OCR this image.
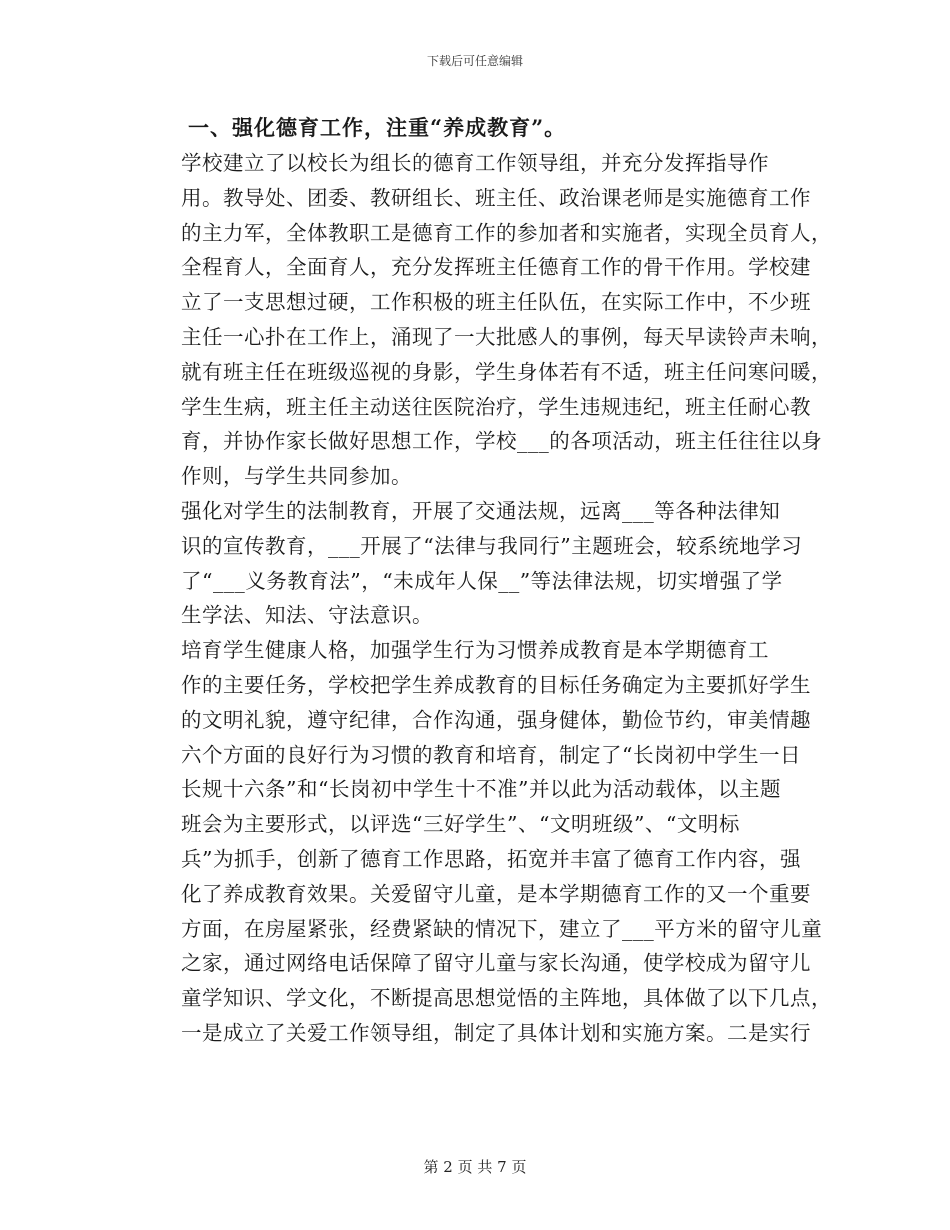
下载后可任意编辑
一、强化德育工作，注重“养成教育”。

学校建立了以校长为组长的德育工作领导组，并充分发挥指导作
用。教导处、团委、教研组长、班主任、政治课老师是实施德育工作
的主力军，全体教职工是德育工作的参加者和实施者，实现全员育人，
全程育人，全面育人，充分发挥班主任德育工作的骨干作用。学校建
立了一支思想过硬，工作积极的班主任队伍，在实际工作中，不少班
主任一心扑在工作上，涌现了一大批感人的事例，每天早读铃声未响，
就有班主任在班级巡视的身影，学生身体若有不适，班主任问寒问暖，
学生生病，班主任主动送往医院治疗，学生违规违纪，班主任耐心教
育，并协作家长做好思想工作，学校___的各项活动，班主任往往以身
作则，与学生共同参加。

强化对学生的法制教育，开展了交通法规，远离___等各种法律知
识的宣传教育，___开展了“法律与我同行”主题班会，较系统地学习
了“___义务教育法”，“未成年人保__”等法律法规，切实增强了学
生学法、知法、守法意识。

培育学生健康人格，加强学生行为习惯养成教育是本学期德育工
作的主要任务，学校把学生养成教育的目标任务确定为主要抓好学生
的文明礼貌，遵守纪律，合作沟通，强身健体，勤俭节约，审美情趣
六个方面的良好行为习惯的教育和培育，制定了“长岗初中学生一日
长规十六条”和“长岗初中学生十不准”并以此为活动载体，以主题
班会为主要形式，以评选“三好学生”、“文明班级”、“文明标
兵”为抓手，创新了德育工作思路，拓宽并丰富了德育工作内容，强
化了养成教育效果。关爱留守儿童，是本学期德育工作的又一个重要
方面，在房屋紧张，经费紧缺的情况下，建立了___平方米的留守儿童
之家，通过网络电话保障了留守儿童与家长沟通，使学校成为留守儿
童学知识、学文化，不断提高思想觉悟的主阵地，具体做了以下几点，
一是成立了关爱工作领导组，制定了具体计划和实施方案。二是实行

第 2 页 共 7 页
